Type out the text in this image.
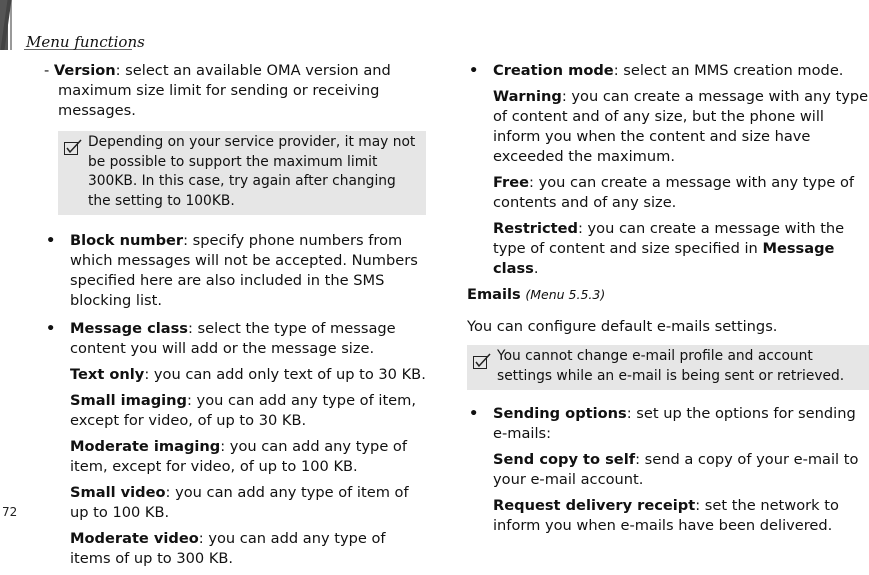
Menu functions
72

- Version: select an available OMA version and maximum size limit for sending or receiving messages.

Depending on your service provider, it may not be possible to support the maximum limit 300KB. In this case, try again after changing the setting to 100KB.

• Block number: specify phone numbers from which messages will not be accepted. Numbers specified here are also included in the SMS blocking list.

• Message class: select the type of message content you will add or the message size.

Text only: you can add only text of up to 30 KB.

Small imaging: you can add any type of item, except for video, of up to 30 KB.

Moderate imaging: you can add any type of item, except for video, of up to 100 KB.

Small video: you can add any type of item of up to 100 KB.

Moderate video: you can add any type of items of up to 300 KB.

• Creation mode: select an MMS creation mode.

Warning: you can create a message with any type of content and of any size, but the phone will inform you when the content and size have exceeded the maximum.

Free: you can create a message with any type of contents and of any size.

Restricted: you can create a message with the type of content and size specified in Message class.

Emails (Menu 5.5.3)

You can configure default e-mails settings.

You cannot change e-mail profile and account settings while an e-mail is being sent or retrieved.

• Sending options: set up the options for sending e-mails:

Send copy to self: send a copy of your e-mail to your e-mail account.

Request delivery receipt: set the network to inform you when e-mails have been delivered.
